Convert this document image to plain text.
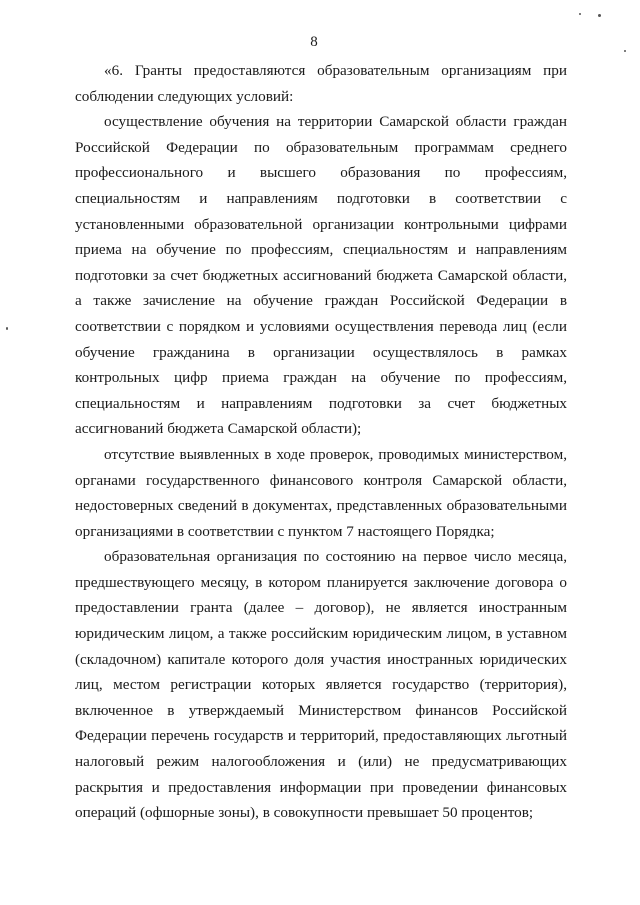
8
«6. Гранты предоставляются образовательным организациям при
соблюдении следующих условий:
осуществление обучения на территории Самарской области граждан
Российской Федерации по образовательным программам среднего
профессионального и высшего образования по профессиям,
специальностям и направлениям подготовки в соответствии с
установленными образовательной организации контрольными цифрами
приема на обучение по профессиям, специальностям и направлениям
подготовки за счет бюджетных ассигнований бюджета Самарской области,
а также зачисление на обучение граждан Российской Федерации в
соответствии с порядком и условиями осуществления перевода лиц (если
обучение гражданина в организации осуществлялось в рамках
контрольных цифр приема граждан на обучение по профессиям,
специальностям и направлениям подготовки за счет бюджетных
ассигнований бюджета Самарской области);
отсутствие выявленных в ходе проверок, проводимых министерством,
органами государственного финансового контроля Самарской области,
недостоверных сведений в документах, представленных образовательными
организациями в соответствии с пунктом 7 настоящего Порядка;
образовательная организация по состоянию на первое число месяца,
предшествующего месяцу, в котором планируется заключение договора о
предоставлении гранта (далее – договор), не является иностранным
юридическим лицом, а также российским юридическим лицом, в уставном
(складочном) капитале которого доля участия иностранных юридических
лиц, местом регистрации которых является государство (территория),
включенное в утверждаемый Министерством финансов Российской
Федерации перечень государств и территорий, предоставляющих льготный
налоговый режим налогообложения и (или) не предусматривающих
раскрытия и предоставления информации при проведении финансовых
операций (офшорные зоны), в совокупности превышает 50 процентов;
